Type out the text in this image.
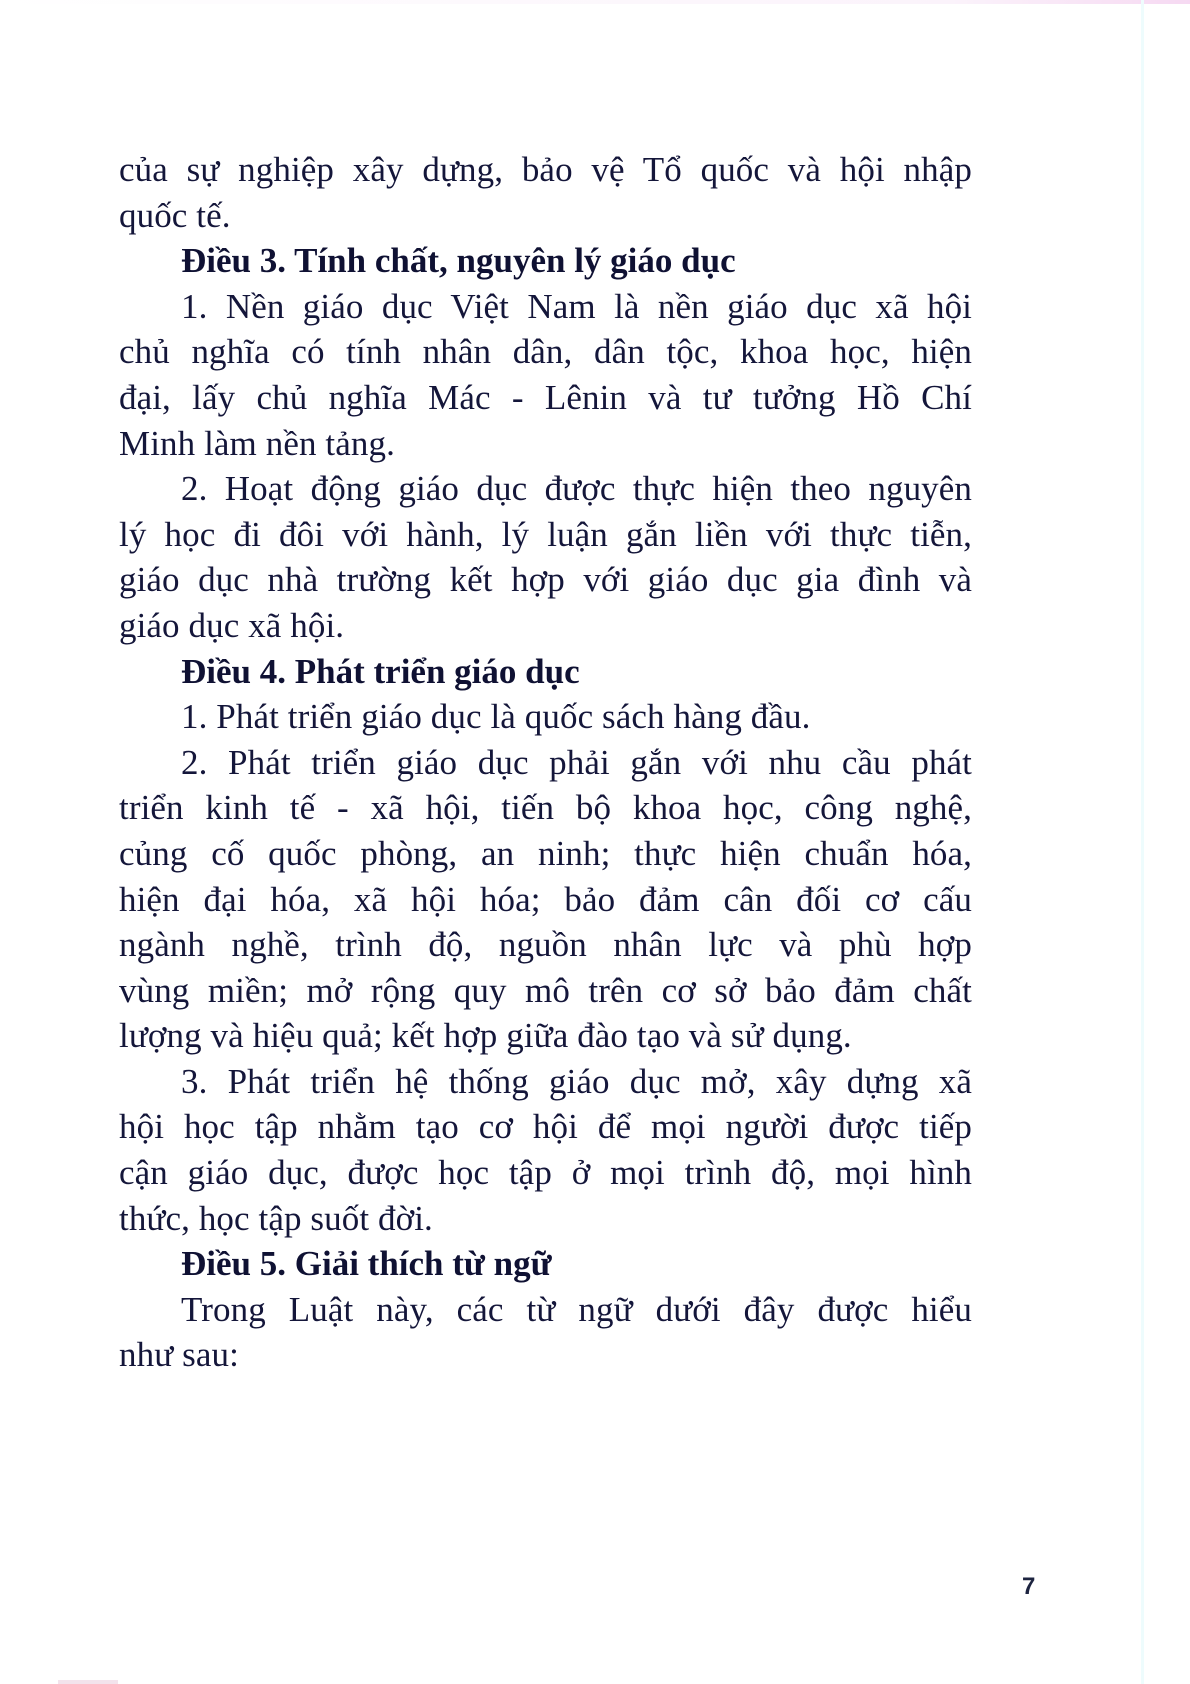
của sự nghiệp xây dựng, bảo vệ Tổ quốc và hội nhập
quốc tế.
Điều 3. Tính chất, nguyên lý giáo dục
1. Nền giáo dục Việt Nam là nền giáo dục xã hội
chủ nghĩa có tính nhân dân, dân tộc, khoa học, hiện
đại, lấy chủ nghĩa Mác - Lênin và tư tưởng Hồ Chí
Minh làm nền tảng.
2. Hoạt động giáo dục được thực hiện theo nguyên
lý học đi đôi với hành, lý luận gắn liền với thực tiễn,
giáo dục nhà trường kết hợp với giáo dục gia đình và
giáo dục xã hội.
Điều 4. Phát triển giáo dục
1. Phát triển giáo dục là quốc sách hàng đầu.
2. Phát triển giáo dục phải gắn với nhu cầu phát
triển kinh tế - xã hội, tiến bộ khoa học, công nghệ,
củng cố quốc phòng, an ninh; thực hiện chuẩn hóa,
hiện đại hóa, xã hội hóa; bảo đảm cân đối cơ cấu
ngành nghề, trình độ, nguồn nhân lực và phù hợp
vùng miền; mở rộng quy mô trên cơ sở bảo đảm chất
lượng và hiệu quả; kết hợp giữa đào tạo và sử dụng.
3. Phát triển hệ thống giáo dục mở, xây dựng xã
hội học tập nhằm tạo cơ hội để mọi người được tiếp
cận giáo dục, được học tập ở mọi trình độ, mọi hình
thức, học tập suốt đời.
Điều 5. Giải thích từ ngữ
Trong Luật này, các từ ngữ dưới đây được hiểu
như sau:
7
